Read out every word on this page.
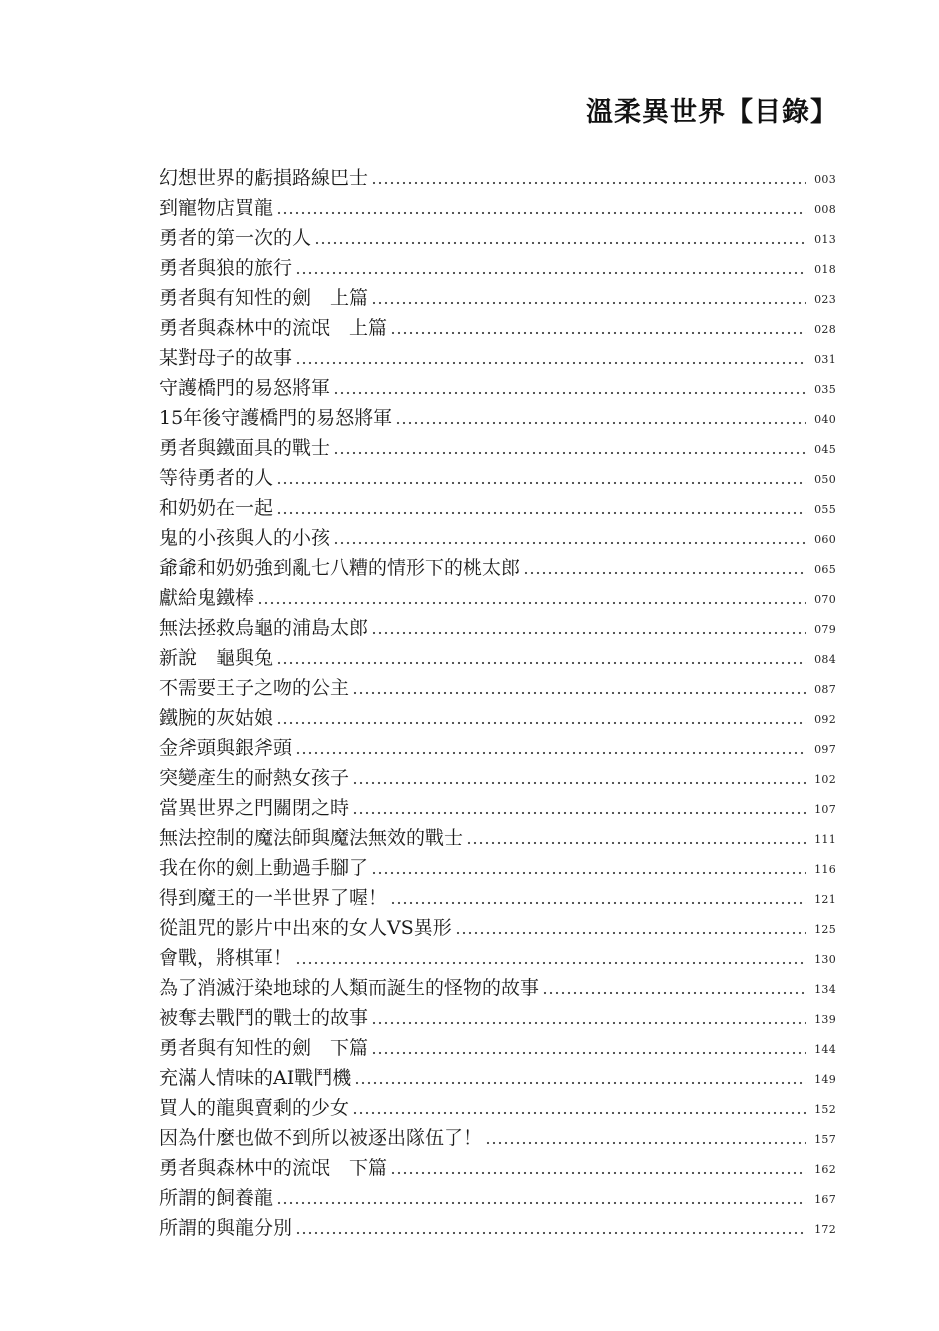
溫柔異世界【目錄】
幻想世界的虧損路線巴士	003
到寵物店買龍	008
勇者的第一次的人	013
勇者與狼的旅行	018
勇者與有知性的劍　上篇	023
勇者與森林中的流氓　上篇	028
某對母子的故事	031
守護橋門的易怒將軍	035
15年後守護橋門的易怒將軍	040
勇者與鐵面具的戰士	045
等待勇者的人	050
和奶奶在一起	055
鬼的小孩與人的小孩	060
爺爺和奶奶強到亂七八糟的情形下的桃太郎	065
獻給鬼鐵棒	070
無法拯救烏龜的浦島太郎	079
新說　龜與兔	084
不需要王子之吻的公主	087
鐵腕的灰姑娘	092
金斧頭與銀斧頭	097
突變產生的耐熱女孩子	102
當異世界之門關閉之時	107
無法控制的魔法師與魔法無效的戰士	111
我在你的劍上動過手腳了	116
得到魔王的一半世界了喔！	121
從詛咒的影片中出來的女人VS異形	125
會戰，將棋軍！	130
為了消滅汙染地球的人類而誕生的怪物的故事	134
被奪去戰鬥的戰士的故事	139
勇者與有知性的劍　下篇	144
充滿人情味的AI戰鬥機	149
買人的龍與賣剩的少女	152
因為什麼也做不到所以被逐出隊伍了！	157
勇者與森林中的流氓　下篇	162
所謂的飼養龍	167
所謂的與龍分別	172
